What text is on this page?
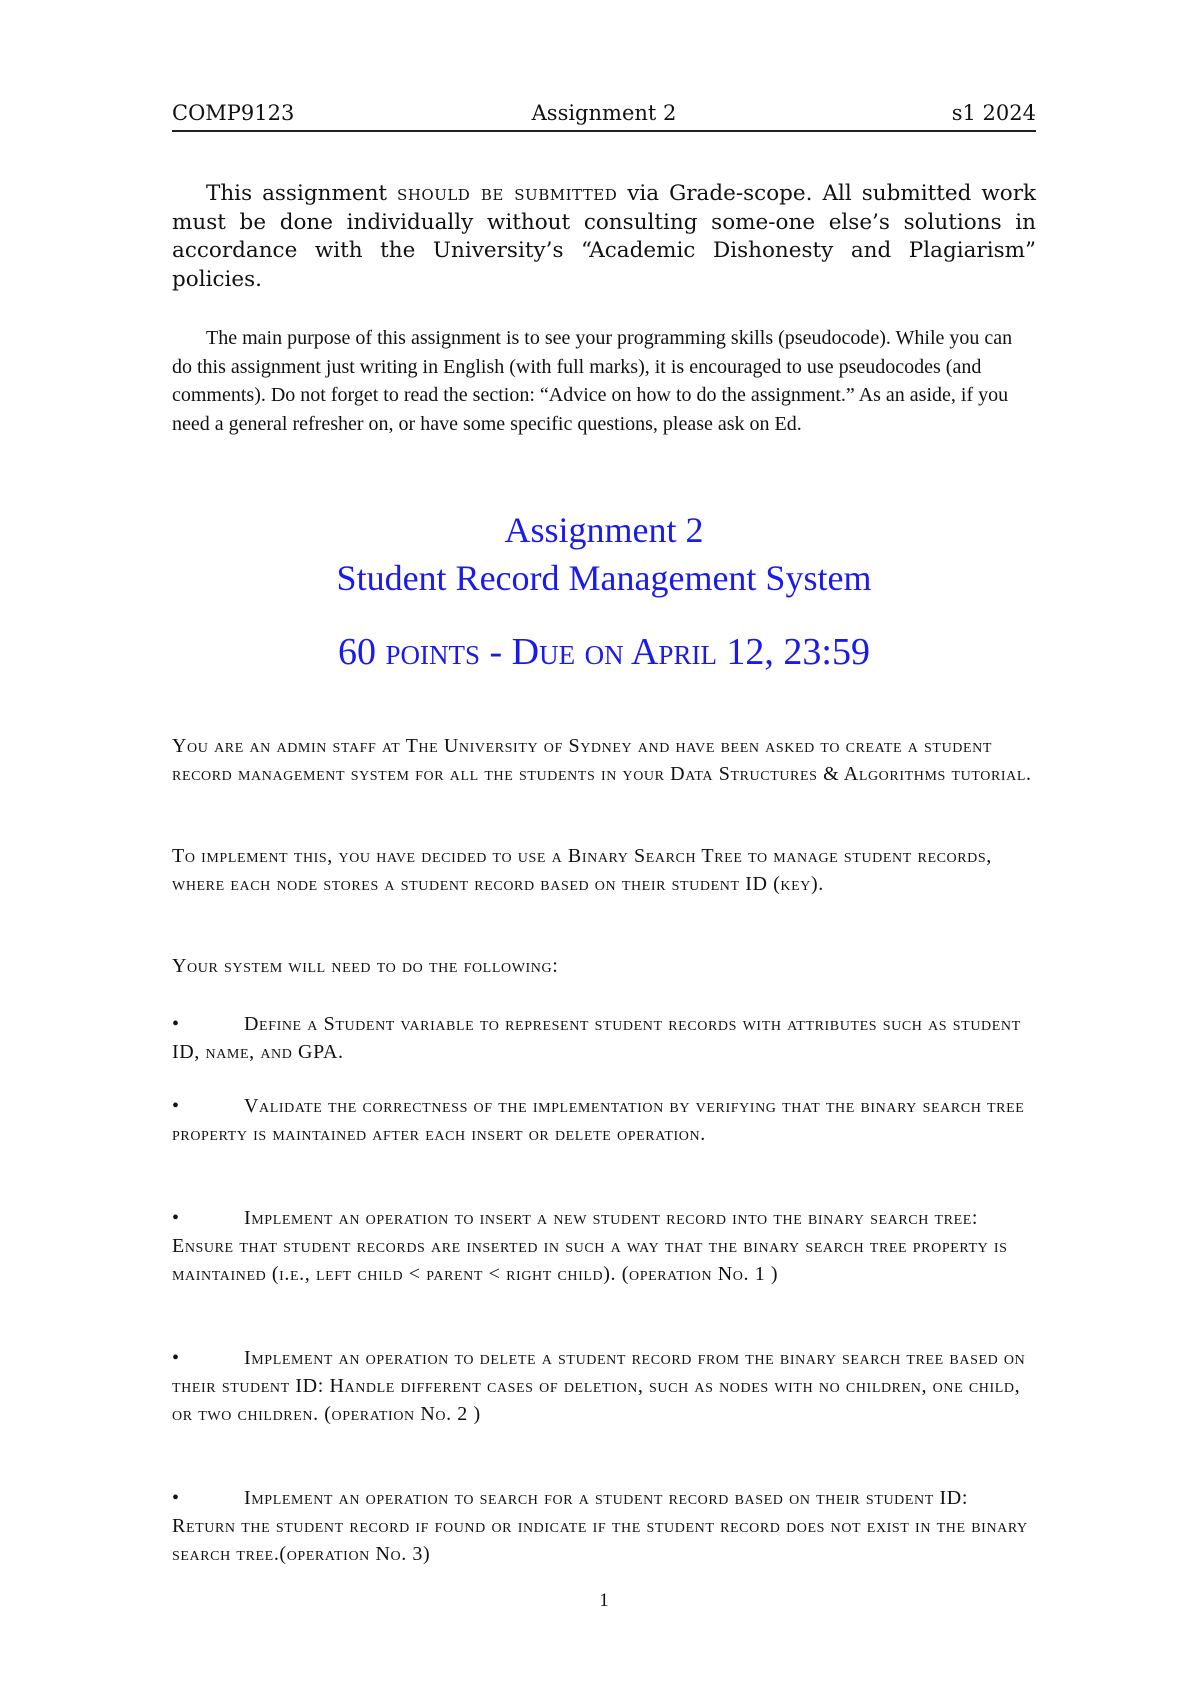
COMP9123	Assignment 2	s1 2024
This assignment should be submitted via Grade-scope. All submitted work must be done individually without consulting some-one else’s solutions in accordance with the University’s “Academic Dishonesty and Plagiarism” policies.
The main purpose of this assignment is to see your programming skills (pseudocode). While you can do this assignment just writing in English (with full marks), it is encouraged to use pseudocodes (and comments). Do not forget to read the section: “Advice on how to do the assignment.” As an aside, if you need a general refresher on, or have some specific questions, please ask on Ed.
Assignment 2
Student Record Management System
60 points - Due on April 12, 23:59
You are an admin staff at The University of Sydney and have been asked to create a student record management system for all the students in your Data Structures & Algorithms tutorial.
To implement this, you have decided to use a Binary Search Tree to manage student records, where each node stores a student record based on their student ID (key).
Your system will need to do the following:
•	Define a Student variable to represent student records with attributes such as student ID, name, and GPA.
•	Validate the correctness of the implementation by verifying that the binary search tree property is maintained after each insert or delete operation.
•	Implement an operation to insert a new student record into the binary search tree: Ensure that student records are inserted in such a way that the binary search tree property is maintained (i.e., left child < parent < right child). (operation No. 1 )
•	Implement an operation to delete a student record from the binary search tree based on their student ID: Handle different cases of deletion, such as nodes with no children, one child, or two children. (operation No. 2 )
•	Implement an operation to search for a student record based on their student ID: Return the student record if found or indicate if the student record does not exist in the binary search tree.(operation No. 3)
1
